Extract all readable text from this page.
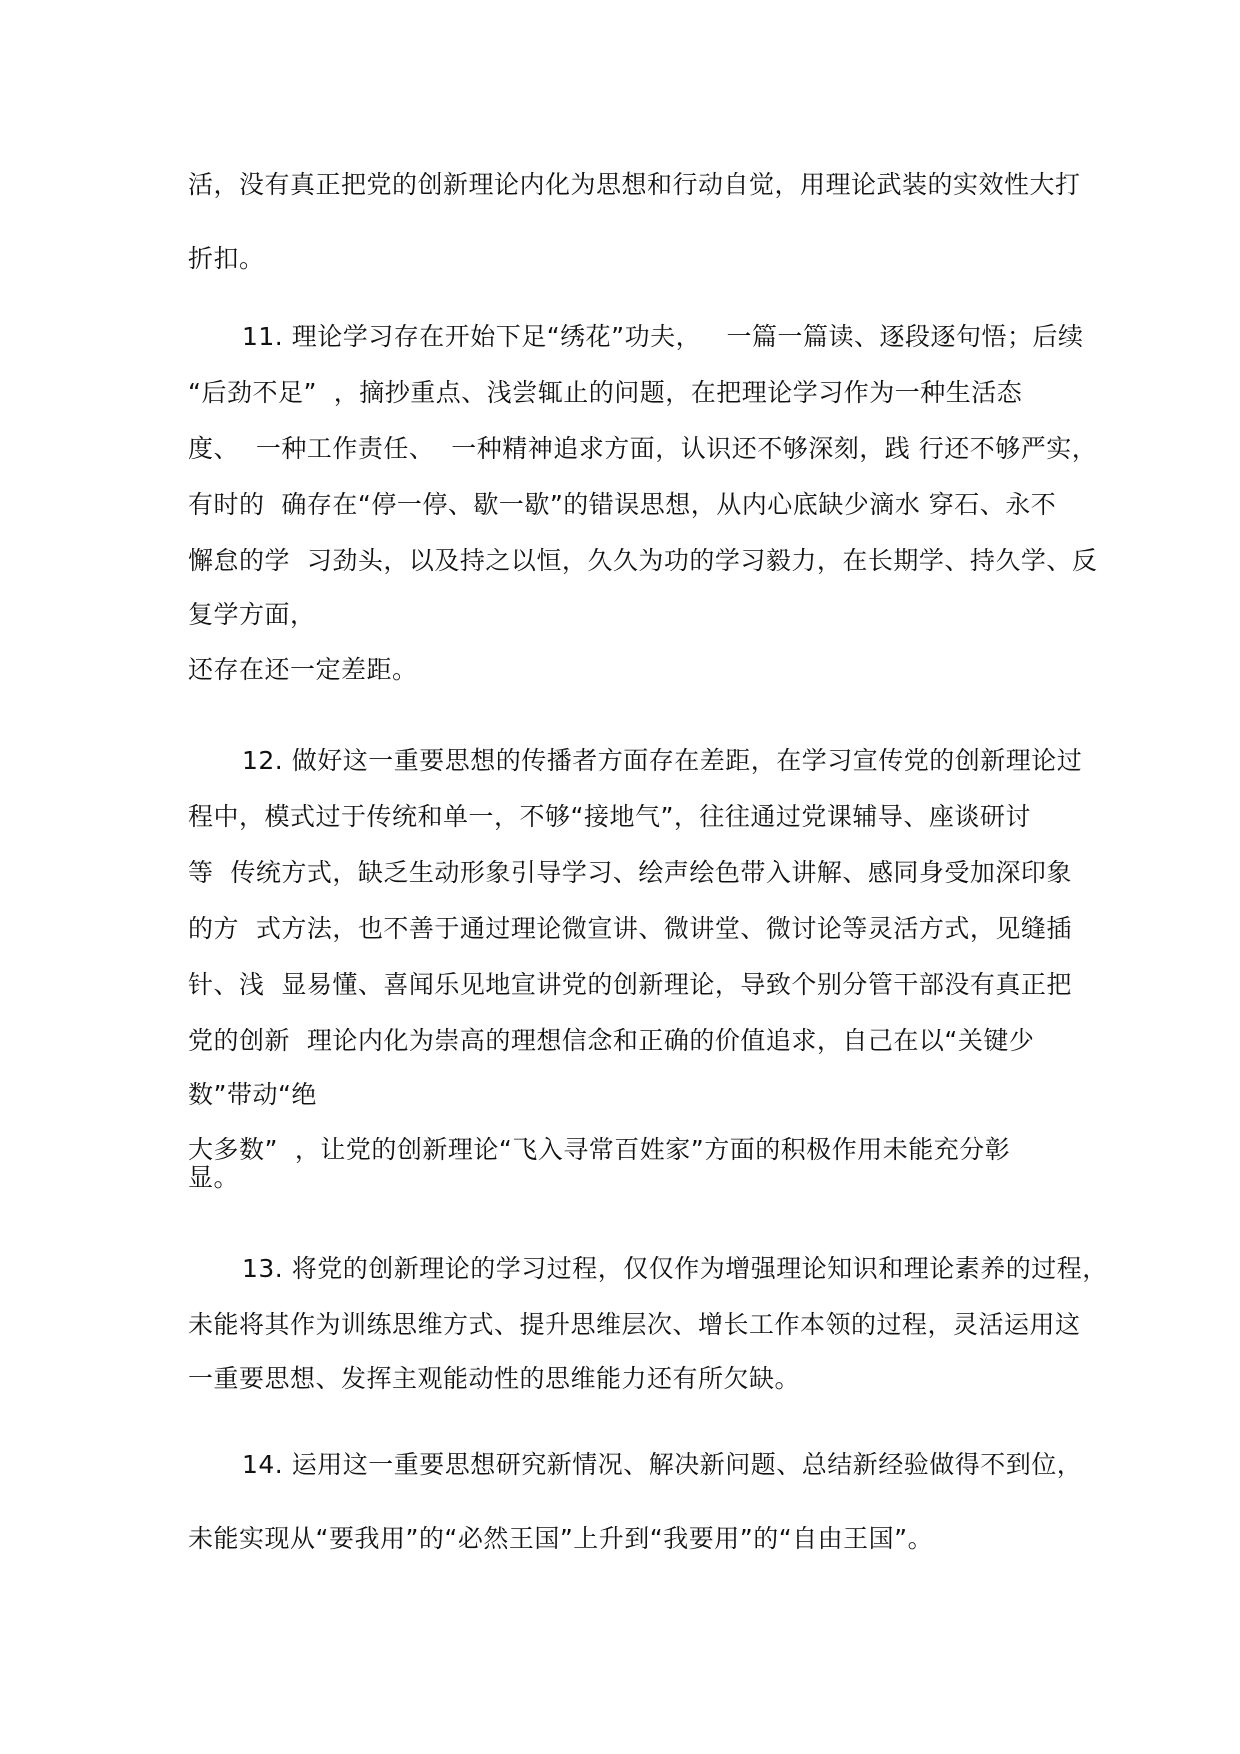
活，没有真正把党的创新理论内化为思想和行动自觉，用理论武装的实效性大打
折扣。
11. 理论学习存在开始下足“绣花”功夫，   一篇一篇读、逐段逐句悟；后续
“后劲不足”  ，摘抄重点、浅尝辄止的问题，在把理论学习作为一种生活态
度、  一种工作责任、  一种精神追求方面，认识还不够深刻，践 行还不够严实，
有时的  确存在“停一停、歇一歇”的错误思想，从内心底缺少滴水 穿石、永不
懈怠的学  习劲头，以及持之以恒，久久为功的学习毅力，在长期学、持久学、反
复学方面，
还存在还一定差距。
12. 做好这一重要思想的传播者方面存在差距，在学习宣传党的创新理论过
程中，模式过于传统和单一，不够“接地气”，往往通过党课辅导、座谈研讨
等  传统方式，缺乏生动形象引导学习、绘声绘色带入讲解、感同身受加深印象
的方  式方法，也不善于通过理论微宣讲、微讲堂、微讨论等灵活方式，见缝插
针、浅  显易懂、喜闻乐见地宣讲党的创新理论，导致个别分管干部没有真正把
党的创新  理论内化为崇高的理想信念和正确的价值追求，自己在以“关键少
数”带动“绝
大多数”  ，让党的创新理论“飞入寻常百姓家”方面的积极作用未能充分彰
显。
13. 将党的创新理论的学习过程，仅仅作为增强理论知识和理论素养的过程，
未能将其作为训练思维方式、提升思维层次、增长工作本领的过程，灵活运用这
一重要思想、发挥主观能动性的思维能力还有所欠缺。
14. 运用这一重要思想研究新情况、解决新问题、总结新经验做得不到位，
未能实现从“要我用”的“必然王国”上升到“我要用”的“自由王国”。
